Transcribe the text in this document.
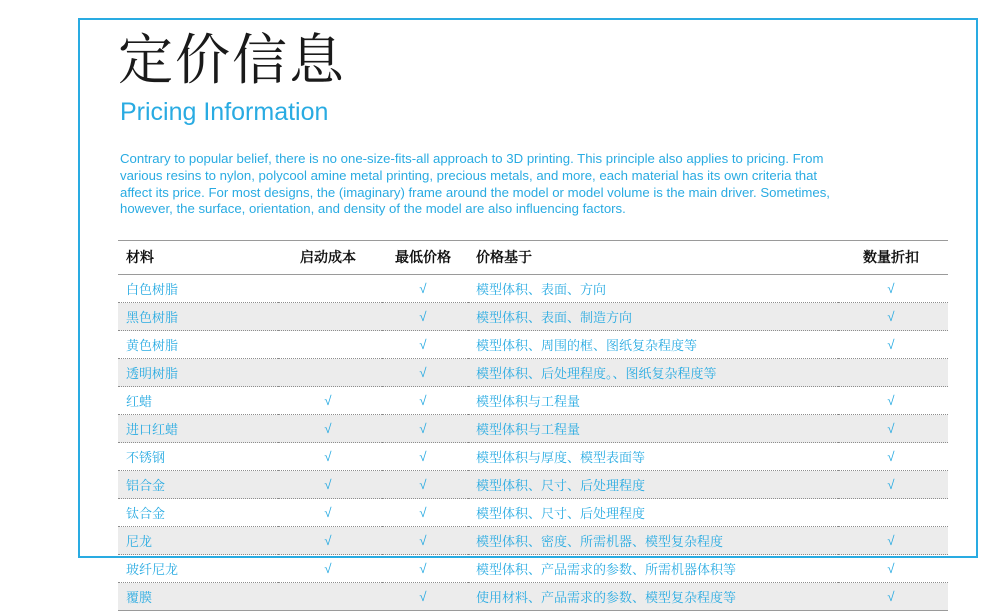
定价信息
Pricing Information

Contrary to popular belief, there is no one-size-fits-all approach to 3D printing. This principle also applies to pricing. From various resins to nylon, polycool amine metal printing, precious metals, and more, each material has its own criteria that affect its price. For most designs, the (imaginary) frame around the model or model volume is the main driver. Sometimes, however, the surface, orientation, and density of the model are also influencing factors.

材料	启动成本	最低价格	价格基于	数量折扣
白色树脂		√	模型体积、表面、方向	√
黑色树脂		√	模型体积、表面、制造方向	√
黄色树脂		√	模型体积、周围的框、图纸复杂程度等	√
透明树脂		√	模型体积、后处理程度。、图纸复杂程度等	
红蜡	√	√	模型体积与工程量	√
进口红蜡	√	√	模型体积与工程量	√
不锈钢	√	√	模型体积与厚度、模型表面等	√
铝合金	√	√	模型体积、尺寸、后处理程度	√
钛合金	√	√	模型体积、尺寸、后处理程度	
尼龙	√	√	模型体积、密度、所需机器、模型复杂程度	√
玻纤尼龙	√	√	模型体积、产品需求的参数、所需机器体积等	√
覆膜		√	使用材料、产品需求的参数、模型复杂程度等	√
